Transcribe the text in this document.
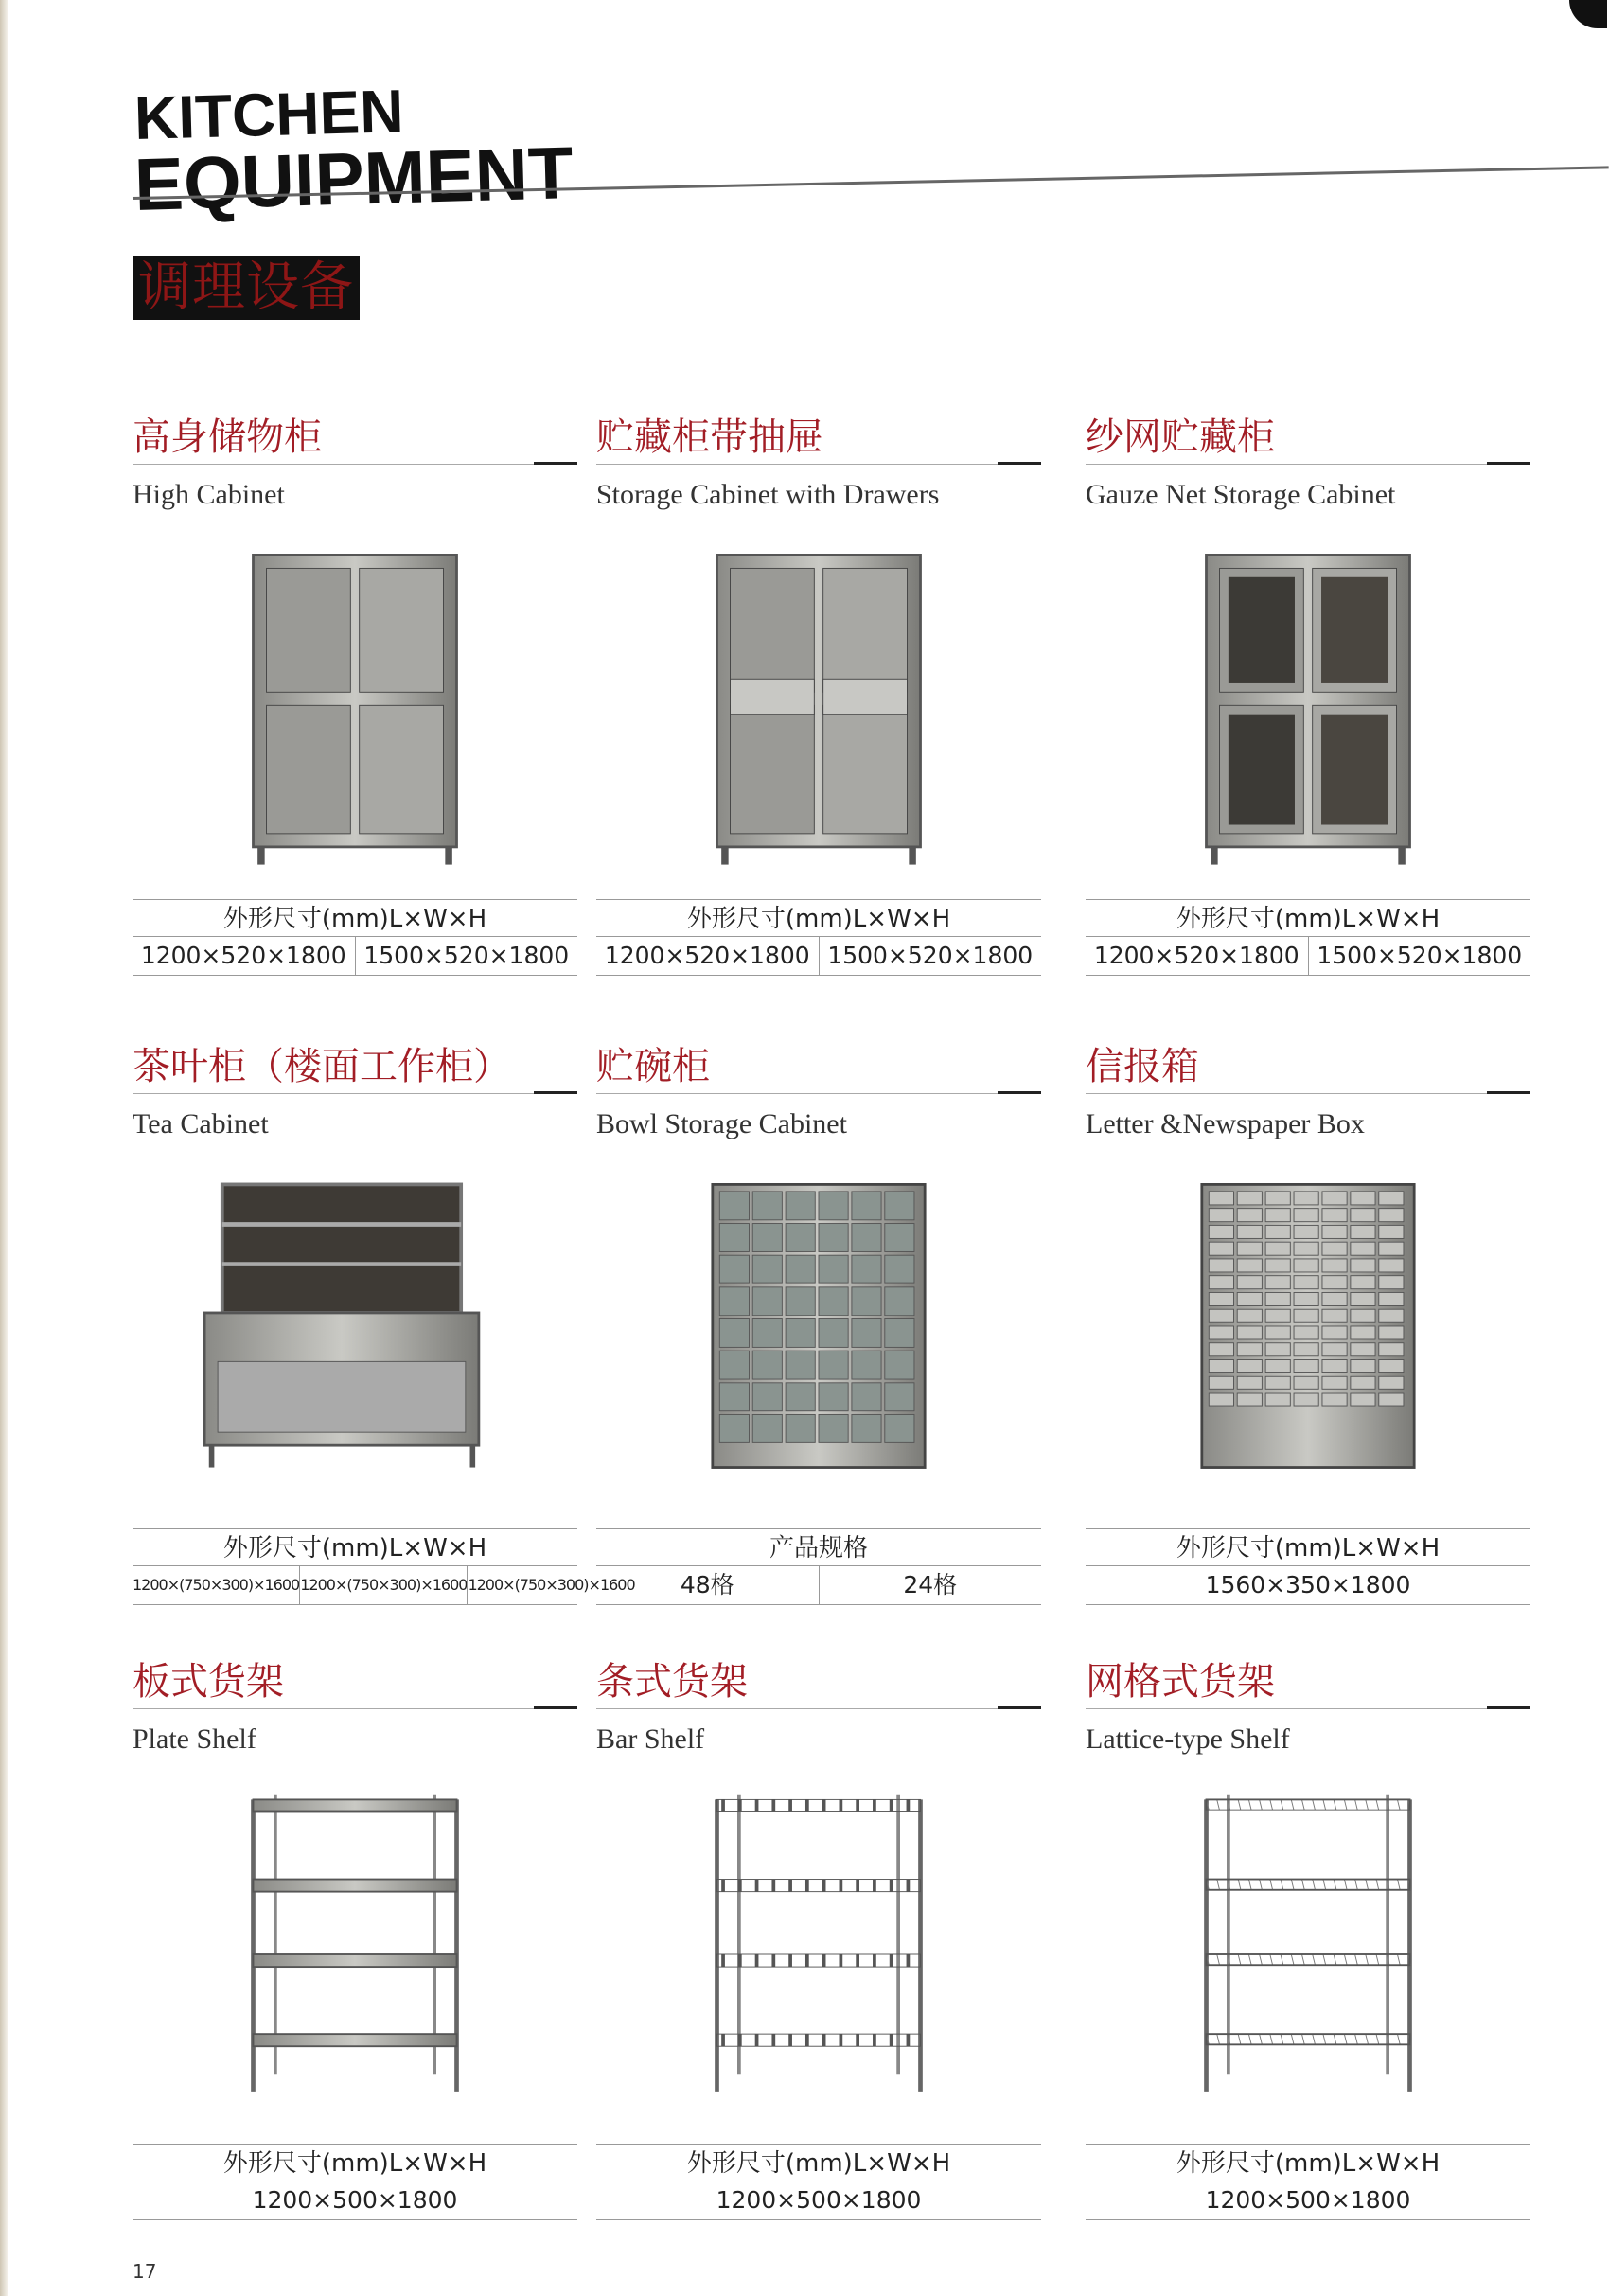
KITCHEN
EQUIPMENT
调理设备
高身储物柜
High Cabinet
外形尺寸(mm)L×W×H
1200×520×1800 1500×520×1800
贮藏柜带抽屉
Storage Cabinet with Drawers
外形尺寸(mm)L×W×H
1200×520×1800 1500×520×1800
纱网贮藏柜
Gauze Net Storage Cabinet
外形尺寸(mm)L×W×H
1200×520×1800 1500×520×1800
茶叶柜（楼面工作柜）
Tea Cabinet
外形尺寸(mm)L×W×H
1200×(750×300)×1600 1200×(750×300)×1600 1200×(750×300)×1600
贮碗柜
Bowl Storage Cabinet
产品规格
48格	24格
信报箱
Letter &Newspaper Box
外形尺寸(mm)L×W×H
1560×350×1800
板式货架
Plate Shelf
外形尺寸(mm)L×W×H
1200×500×1800
条式货架
Bar Shelf
外形尺寸(mm)L×W×H
1200×500×1800
网格式货架
Lattice-type Shelf
外形尺寸(mm)L×W×H
1200×500×1800
17
